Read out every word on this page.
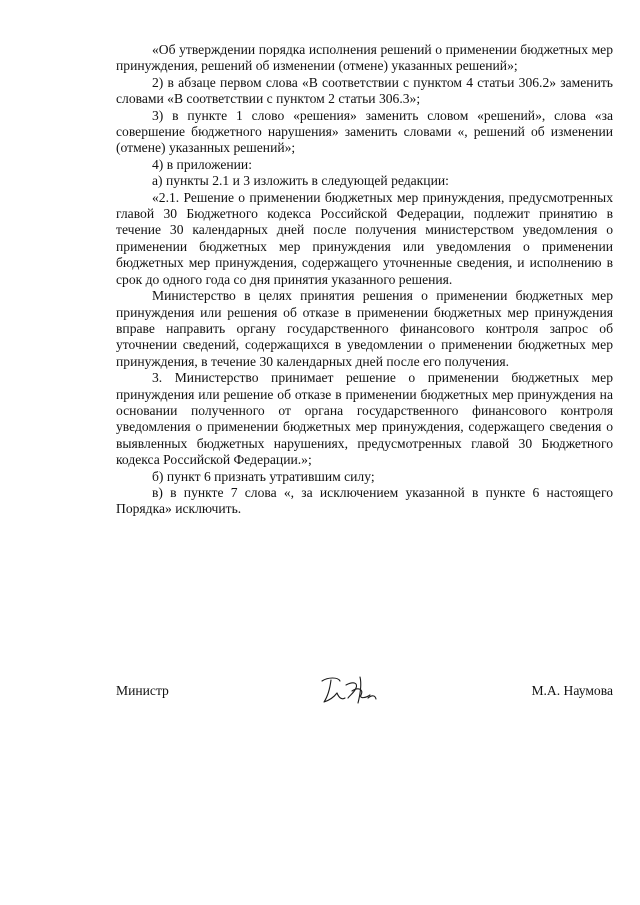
«Об утверждении порядка исполнения решений о применении бюджетных мер принуждения, решений об изменении (отмене) указанных решений»;

2) в абзаце первом слова «В соответствии с пунктом 4 статьи 306.2» заменить словами «В соответствии с пунктом 2 статьи 306.3»;

3) в пункте 1 слово «решения» заменить словом «решений», слова «за совершение бюджетного нарушения» заменить словами «, решений об изменении (отмене) указанных решений»;

4) в приложении:

а) пункты 2.1 и 3 изложить в следующей редакции:

«2.1. Решение о применении бюджетных мер принуждения, предусмотренных главой 30 Бюджетного кодекса Российской Федерации, подлежит принятию в течение 30 календарных дней после получения министерством уведомления о применении бюджетных мер принуждения или уведомления о применении бюджетных мер принуждения, содержащего уточненные сведения, и исполнению в срок до одного года со дня принятия указанного решения.

Министерство в целях принятия решения о применении бюджетных мер принуждения или решения об отказе в применении бюджетных мер принуждения вправе направить органу государственного финансового контроля запрос об уточнении сведений, содержащихся в уведомлении о применении бюджетных мер принуждения, в течение 30 календарных дней после его получения.

3. Министерство принимает решение о применении бюджетных мер принуждения или решение об отказе в применении бюджетных мер принуждения на основании полученного от органа государственного финансового контроля уведомления о применении бюджетных мер принуждения, содержащего сведения о выявленных бюджетных нарушениях, предусмотренных главой 30 Бюджетного кодекса Российской Федерации.»;

б) пункт 6 признать утратившим силу;

в) в пункте 7 слова «, за исключением указанной в пункте 6 настоящего Порядка» исключить.

Министр	М.А. Наумова
